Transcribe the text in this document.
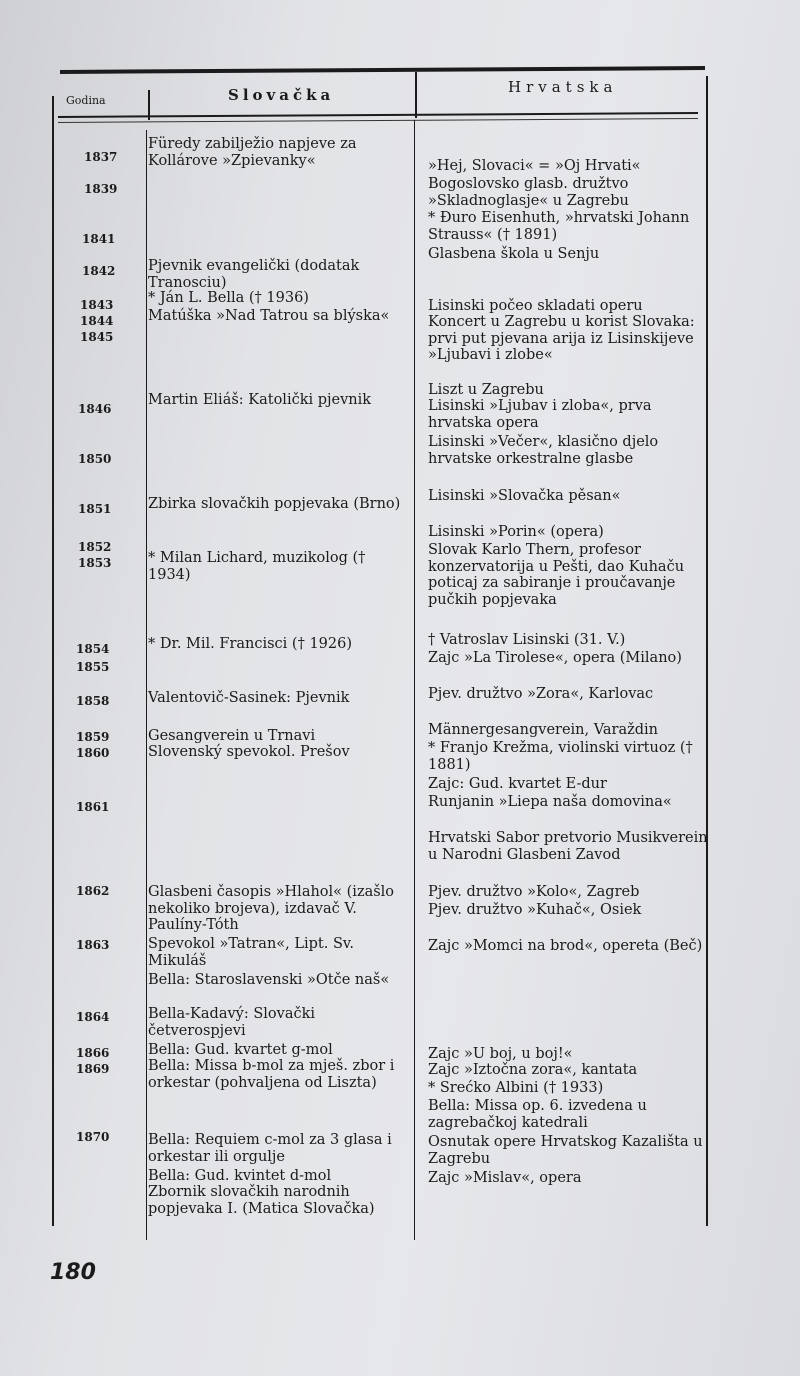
Godina	Slovačka	Hrvatska
1837
1839
1841
1842
1843
1844
1845
1846
1850
1851
1852
1853
1854
1855
1858
1859
1860
1861
1862
1863
1864
1866
1869
1870
Füredy zabilježio napjeve za Kollárove »Zpievanky«
Pjevnik evangelički (dodatak Tranosciu)
* Ján L. Bella († 1936)
Matúška »Nad Tatrou sa blýska«
Martin Eliáš: Katolički pjevnik
Zbirka slovačkih popjevaka (Brno)
* Milan Lichard, muzikolog († 1934)
* Dr. Mil. Francisci († 1926)
Valentovič-Sasinek: Pjevnik
Gesangverein u Trnavi
Slovenský spevokol. Prešov
Glasbeni časopis »Hlahol« (izašlo nekoliko brojeva), izdavač V. Paulíny-Tóth
Spevokol »Tatran«, Lipt. Sv. Mikuláš
Bella: Staroslavenski »Otče naš«
Bella-Kadavý: Slovački četverospjevi
Bella: Gud. kvartet g-mol
Bella: Missa b-mol za mješ. zbor i orkestar (pohvaljena od Liszta)
Bella: Requiem c-mol za 3 glasa i orkestar ili orgulje
Bella: Gud. kvintet d-mol
Zbornik slovačkih narodnih popjevaka I. (Matica Slovačka)
»Hej, Slovaci« = »Oj Hrvati«
Bogoslovsko glasb. družtvo »Skladnoglasje« u Zagrebu
* Đuro Eisenhuth, »hrvatski Johann Strauss« († 1891)
Glasbena škola u Senju
Lisinski počeo skladati operu
Koncert u Zagrebu u korist Slovaka: prvi put pjevana arija iz Lisinskijeve »Ljubavi i zlobe«
Liszt u Zagrebu
Lisinski »Ljubav i zloba«, prva hrvatska opera
Lisinski »Večer«, klasično djelo hrvatske orkestralne glasbe
Lisinski »Slovačka pěsan«
Lisinski »Porin« (opera)
Slovak Karlo Thern, profesor konzervatorija u Pešti, dao Kuhaču poticaj za sabiranje i proučavanje pučkih popjevaka
† Vatroslav Lisinski (31. V.)
Zajc »La Tirolese«, opera (Milano)
Pjev. družtvo »Zora«, Karlovac
Männergesangverein, Varaždin
* Franjo Krežma, violinski virtuoz († 1881)
Zajc: Gud. kvartet E-dur
Runjanin »Liepa naša domovina«
Hrvatski Sabor pretvorio Musikverein u Narodni Glasbeni Zavod
Pjev. družtvo »Kolo«, Zagreb
Pjev. družtvo »Kuhač«, Osiek
Zajc »Momci na brod«, opereta (Beč)
Zajc »U boj, u boj!«
Zajc »Iztočna zora«, kantata
* Srećko Albini († 1933)
Bella: Missa op. 6. izvedena u zagrebačkoj katedrali
Osnutak opere Hrvatskog Kazališta u Zagrebu
Zajc »Mislav«, opera
180
